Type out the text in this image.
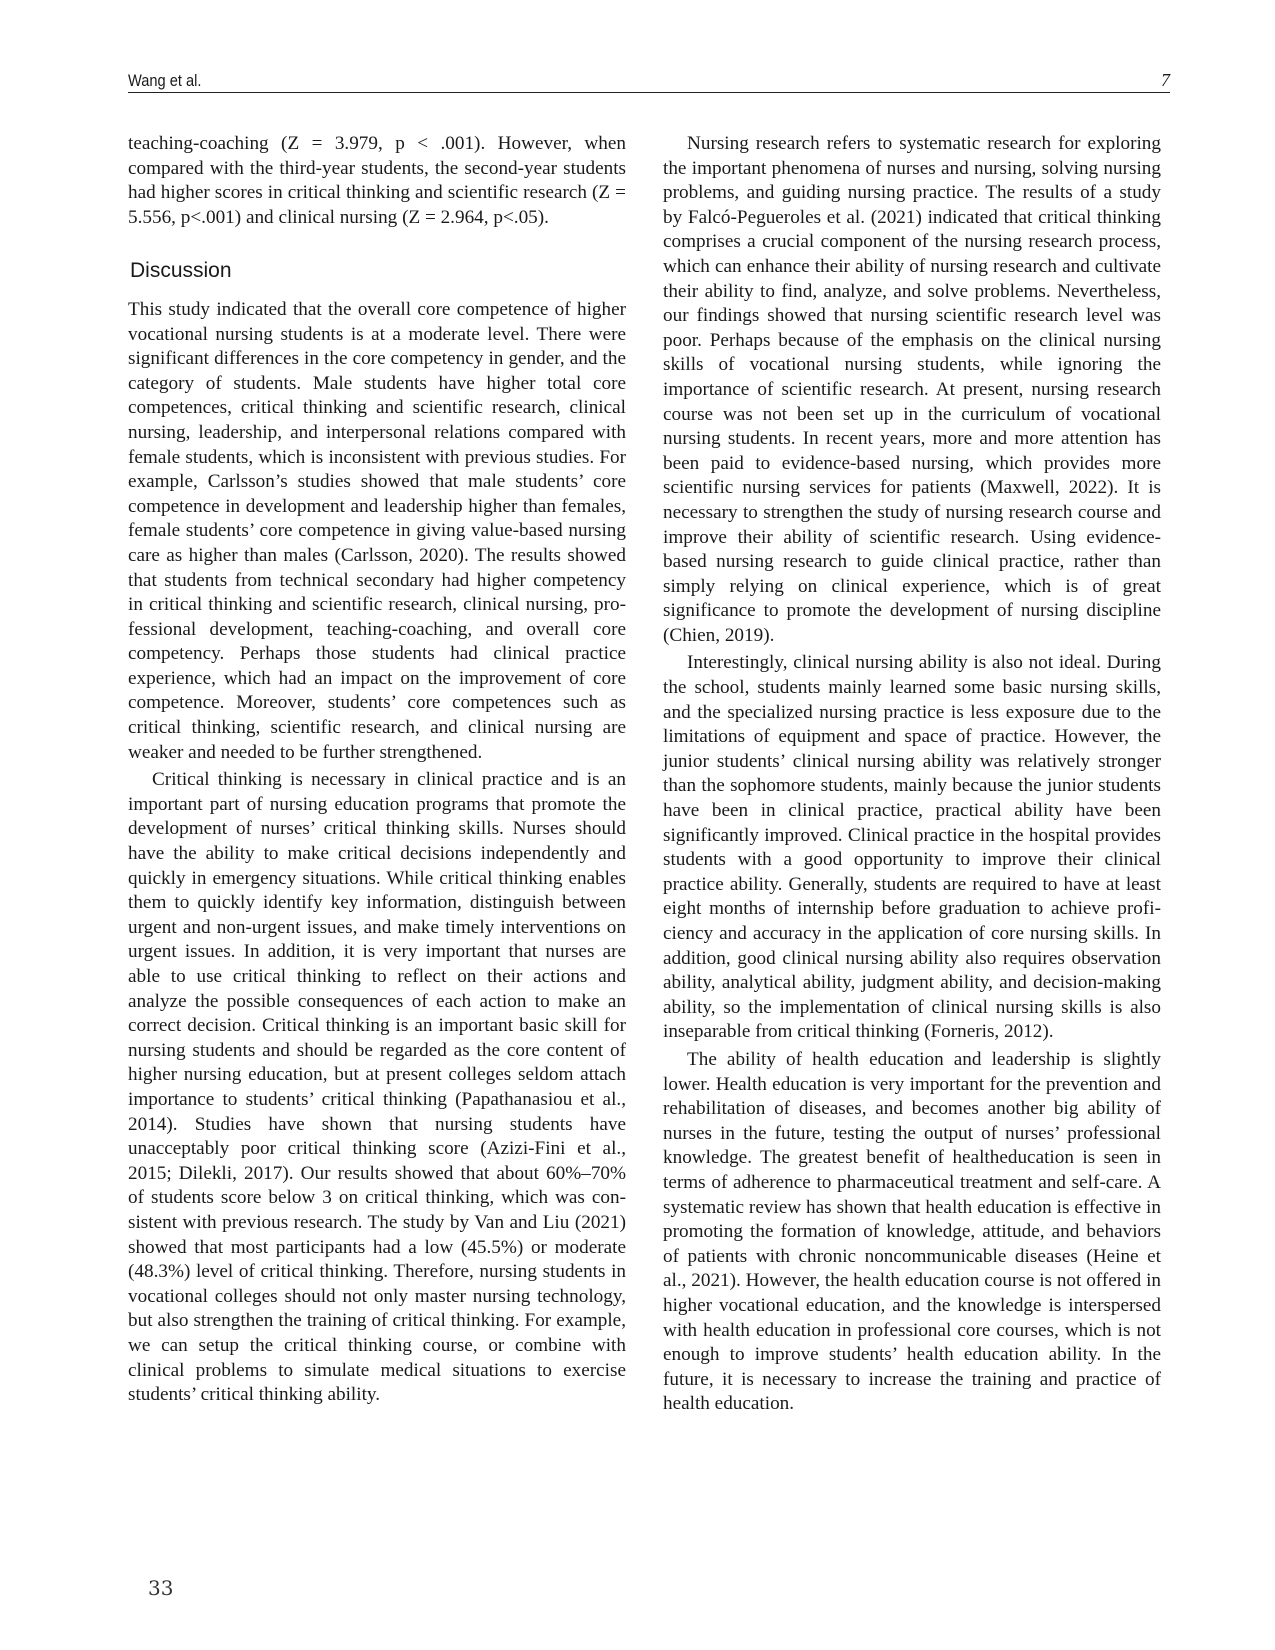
Wang et al.	7

teaching-coaching (Z = 3.979, p < .001). However, when compared with the third-year students, the second-year students had higher scores in critical thinking and scientific research (Z = 5.556, p<.001) and clinical nursing (Z = 2.964, p<.05).

Discussion

This study indicated that the overall core competence of higher vocational nursing students is at a moderate level. There were significant differences in the core competency in gender, and the category of students. Male students have higher total core competences, critical thinking and scientific research, clinical nursing, leadership, and interpersonal relations compared with female students, which is inconsistent with previous studies. For example, Carlsson’s studies showed that male students’ core competence in development and leadership higher than females, female students’ core competence in giving value-based nursing care as higher than males (Carlsson, 2020). The results showed that students from technical secondary had higher competency in critical thinking and scientific research, clinical nursing, professional development, teaching-coaching, and overall core competency. Perhaps those students had clinical practice experience, which had an impact on the improvement of core competence. Moreover, students’ core competences such as critical thinking, scientific research, and clinical nursing are weaker and needed to be further strengthened.

Critical thinking is necessary in clinical practice and is an important part of nursing education programs that promote the development of nurses’ critical thinking skills. Nurses should have the ability to make critical decisions independently and quickly in emergency situations. While critical thinking enables them to quickly identify key information, distinguish between urgent and non-urgent issues, and make timely interventions on urgent issues. In addition, it is very important that nurses are able to use critical thinking to reflect on their actions and analyze the possible consequences of each action to make an correct decision. Critical thinking is an important basic skill for nursing students and should be regarded as the core content of higher nursing education, but at present colleges seldom attach importance to students’ critical thinking (Papathanasiou et al., 2014). Studies have shown that nursing students have unacceptably poor critical thinking score (Azizi-Fini et al., 2015; Dilekli, 2017). Our results showed that about 60%–70% of students score below 3 on critical thinking, which was consistent with previous research. The study by Van and Liu (2021) showed that most participants had a low (45.5%) or moderate (48.3%) level of critical thinking. Therefore, nursing students in vocational colleges should not only master nursing technology, but also strengthen the training of critical thinking. For example, we can setup the critical thinking course, or combine with clinical problems to simulate medical situations to exercise students’ critical thinking ability.

Nursing research refers to systematic research for exploring the important phenomena of nurses and nursing, solving nursing problems, and guiding nursing practice. The results of a study by Falcó-Pegueroles et al. (2021) indicated that critical thinking comprises a crucial component of the nursing research process, which can enhance their ability of nursing research and cultivate their ability to find, analyze, and solve problems. Nevertheless, our findings showed that nursing scientific research level was poor. Perhaps because of the emphasis on the clinical nursing skills of vocational nursing students, while ignoring the importance of scientific research. At present, nursing research course was not been set up in the curriculum of vocational nursing students. In recent years, more and more attention has been paid to evidence-based nursing, which provides more scientific nursing services for patients (Maxwell, 2022). It is necessary to strengthen the study of nursing research course and improve their ability of scientific research. Using evidence-based nursing research to guide clinical practice, rather than simply relying on clinical experience, which is of great significance to promote the development of nursing discipline (Chien, 2019).

Interestingly, clinical nursing ability is also not ideal. During the school, students mainly learned some basic nursing skills, and the specialized nursing practice is less exposure due to the limitations of equipment and space of practice. However, the junior students’ clinical nursing ability was relatively stronger than the sophomore students, mainly because the junior students have been in clinical practice, practical ability have been significantly improved. Clinical practice in the hospital provides students with a good opportunity to improve their clinical practice ability. Generally, students are required to have at least eight months of internship before graduation to achieve proficiency and accuracy in the application of core nursing skills. In addition, good clinical nursing ability also requires observation ability, analytical ability, judgment ability, and decision-making ability, so the implementation of clinical nursing skills is also inseparable from critical thinking (Forneris, 2012).

The ability of health education and leadership is slightly lower. Health education is very important for the prevention and rehabilitation of diseases, and becomes another big ability of nurses in the future, testing the output of nurses’ professional knowledge. The greatest benefit of healtheducation is seen in terms of adherence to pharmaceutical treatment and self-care. A systematic review has shown that health education is effective in promoting the formation of knowledge, attitude, and behaviors of patients with chronic noncommunicable diseases (Heine et al., 2021). However, the health education course is not offered in higher vocational education, and the knowledge is interspersed with health education in professional core courses, which is not enough to improve students’ health education ability. In the future, it is necessary to increase the training and practice of health education.

33
